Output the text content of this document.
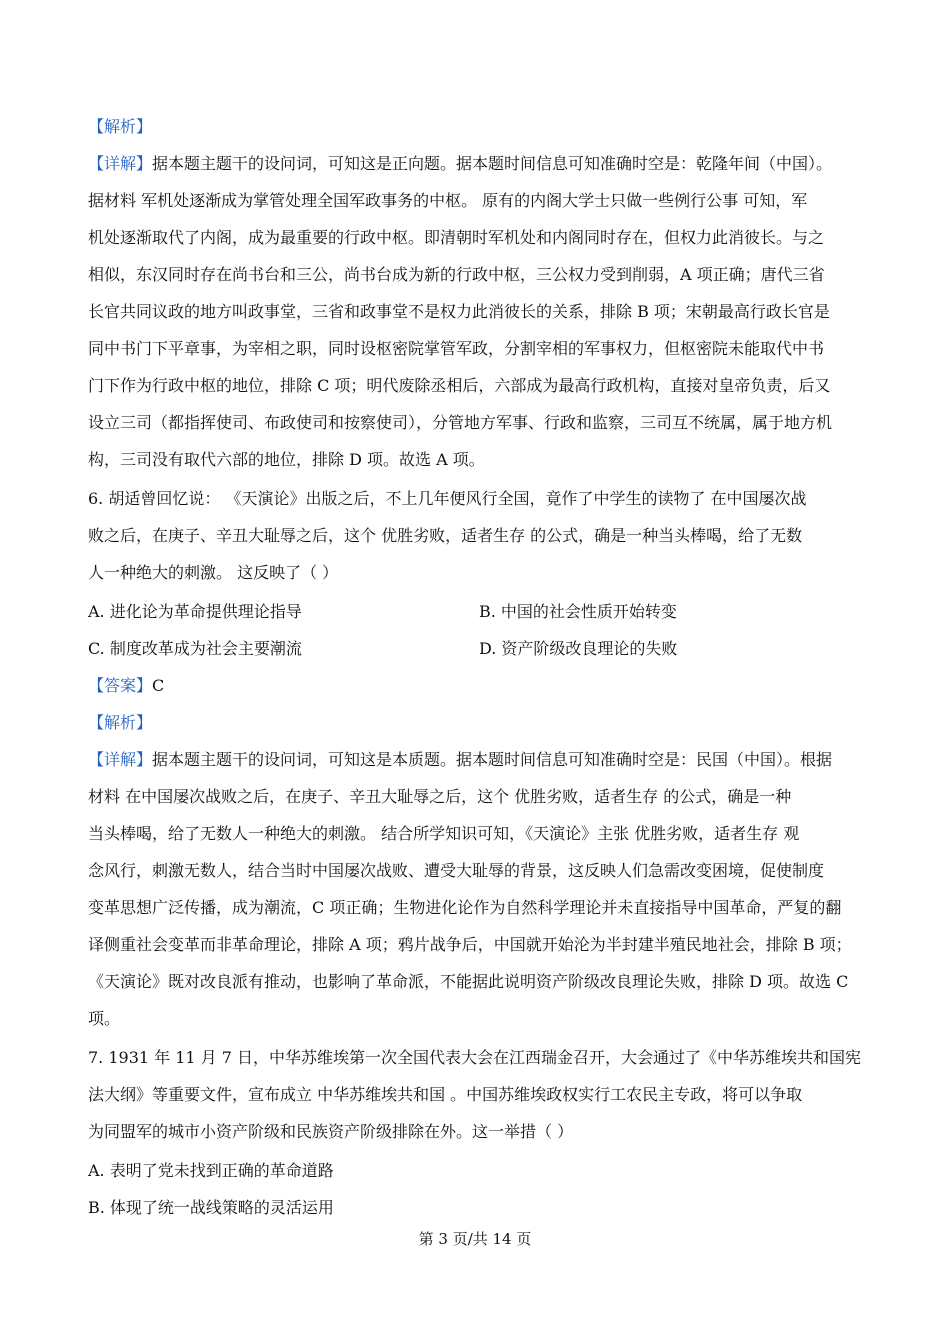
【解析】
【详解】据本题主题干的设问词，可知这是正向题。据本题时间信息可知准确时空是：乾隆年间（中国）。
据材料 军机处逐渐成为掌管处理全国军政事务的中枢。 原有的内阁大学士只做一些例行公事 可知，军
机处逐渐取代了内阁，成为最重要的行政中枢。即清朝时军机处和内阁同时存在，但权力此消彼长。与之
相似，东汉同时存在尚书台和三公，尚书台成为新的行政中枢，三公权力受到削弱，A 项正确；唐代三省
长官共同议政的地方叫政事堂，三省和政事堂不是权力此消彼长的关系，排除 B 项；宋朝最高行政长官是
同中书门下平章事，为宰相之职，同时设枢密院掌管军政，分割宰相的军事权力，但枢密院未能取代中书
门下作为行政中枢的地位，排除 C 项；明代废除丞相后，六部成为最高行政机构，直接对皇帝负责，后又
设立三司（都指挥使司、布政使司和按察使司），分管地方军事、行政和监察，三司互不统属，属于地方机
构，三司没有取代六部的地位，排除 D 项。故选 A 项。
6. 胡适曾回忆说： 《天演论》出版之后，不上几年便风行全国，竟作了中学生的读物了 在中国屡次战
败之后，在庚子、辛丑大耻辱之后，这个 优胜劣败，适者生存 的公式，确是一种当头棒喝，给了无数
人一种绝大的刺激。 这反映了（ ）
A. 进化论为革命提供理论指导	B. 中国的社会性质开始转变
C. 制度改革成为社会主要潮流	D. 资产阶级改良理论的失败
【答案】C
【解析】
【详解】据本题主题干的设问词，可知这是本质题。据本题时间信息可知准确时空是：民国（中国）。根据
材料 在中国屡次战败之后，在庚子、辛丑大耻辱之后，这个 优胜劣败，适者生存 的公式，确是一种
当头棒喝，给了无数人一种绝大的刺激。 结合所学知识可知，《天演论》主张 优胜劣败，适者生存 观
念风行，刺激无数人，结合当时中国屡次战败、遭受大耻辱的背景，这反映人们急需改变困境，促使制度
变革思想广泛传播，成为潮流，C 项正确；生物进化论作为自然科学理论并未直接指导中国革命，严复的翻
译侧重社会变革而非革命理论，排除 A 项；鸦片战争后，中国就开始沦为半封建半殖民地社会，排除 B 项；
《天演论》既对改良派有推动，也影响了革命派，不能据此说明资产阶级改良理论失败，排除 D 项。故选 C
项。
7. 1931 年 11 月 7 日，中华苏维埃第一次全国代表大会在江西瑞金召开，大会通过了《中华苏维埃共和国宪
法大纲》等重要文件，宣布成立 中华苏维埃共和国 。中国苏维埃政权实行工农民主专政，将可以争取
为同盟军的城市小资产阶级和民族资产阶级排除在外。这一举措（ ）
A. 表明了党未找到正确的革命道路
B. 体现了统一战线策略的灵活运用
第 3 页/共 14 页
